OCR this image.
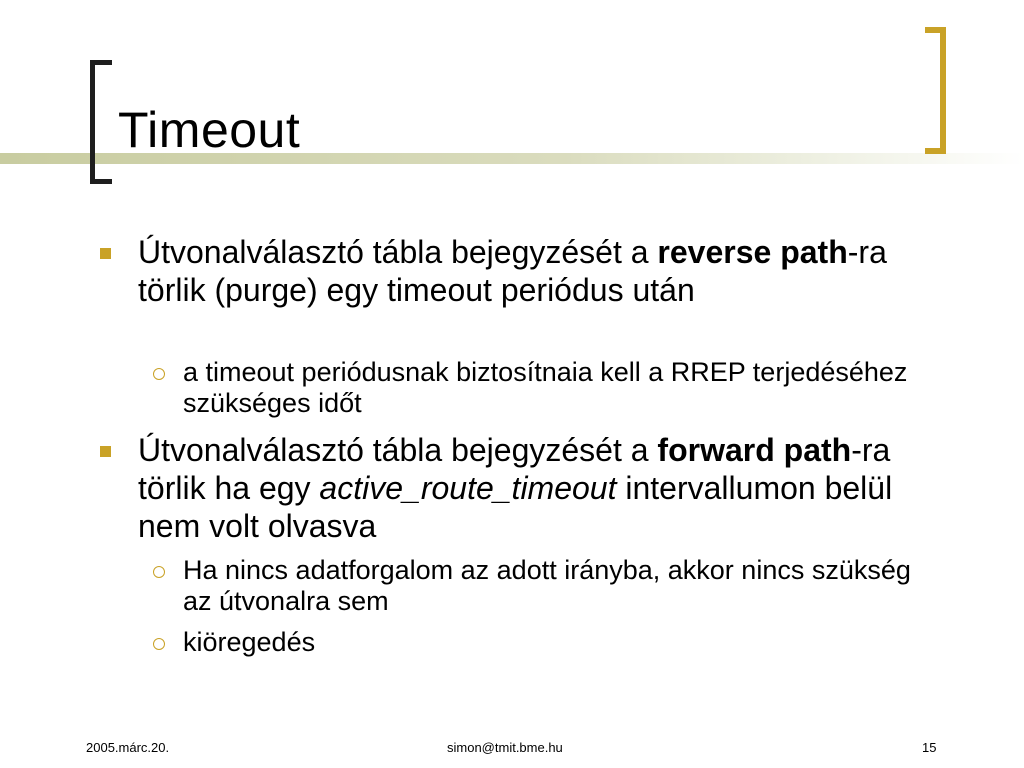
Timeout
Útvonalválasztó tábla bejegyzését a reverse path-ra törlik (purge) egy timeout periódus után
a timeout periódusnak biztosítnaia kell a RREP terjedéséhez szükséges időt
Útvonalválasztó tábla bejegyzését a forward path-ra törlik ha egy active_route_timeout intervallumon belül nem volt olvasva
Ha nincs adatforgalom az adott irányba, akkor nincs szükség az útvonalra sem
kiöregedés
2005.márc.20.	simon@tmit.bme.hu	15
